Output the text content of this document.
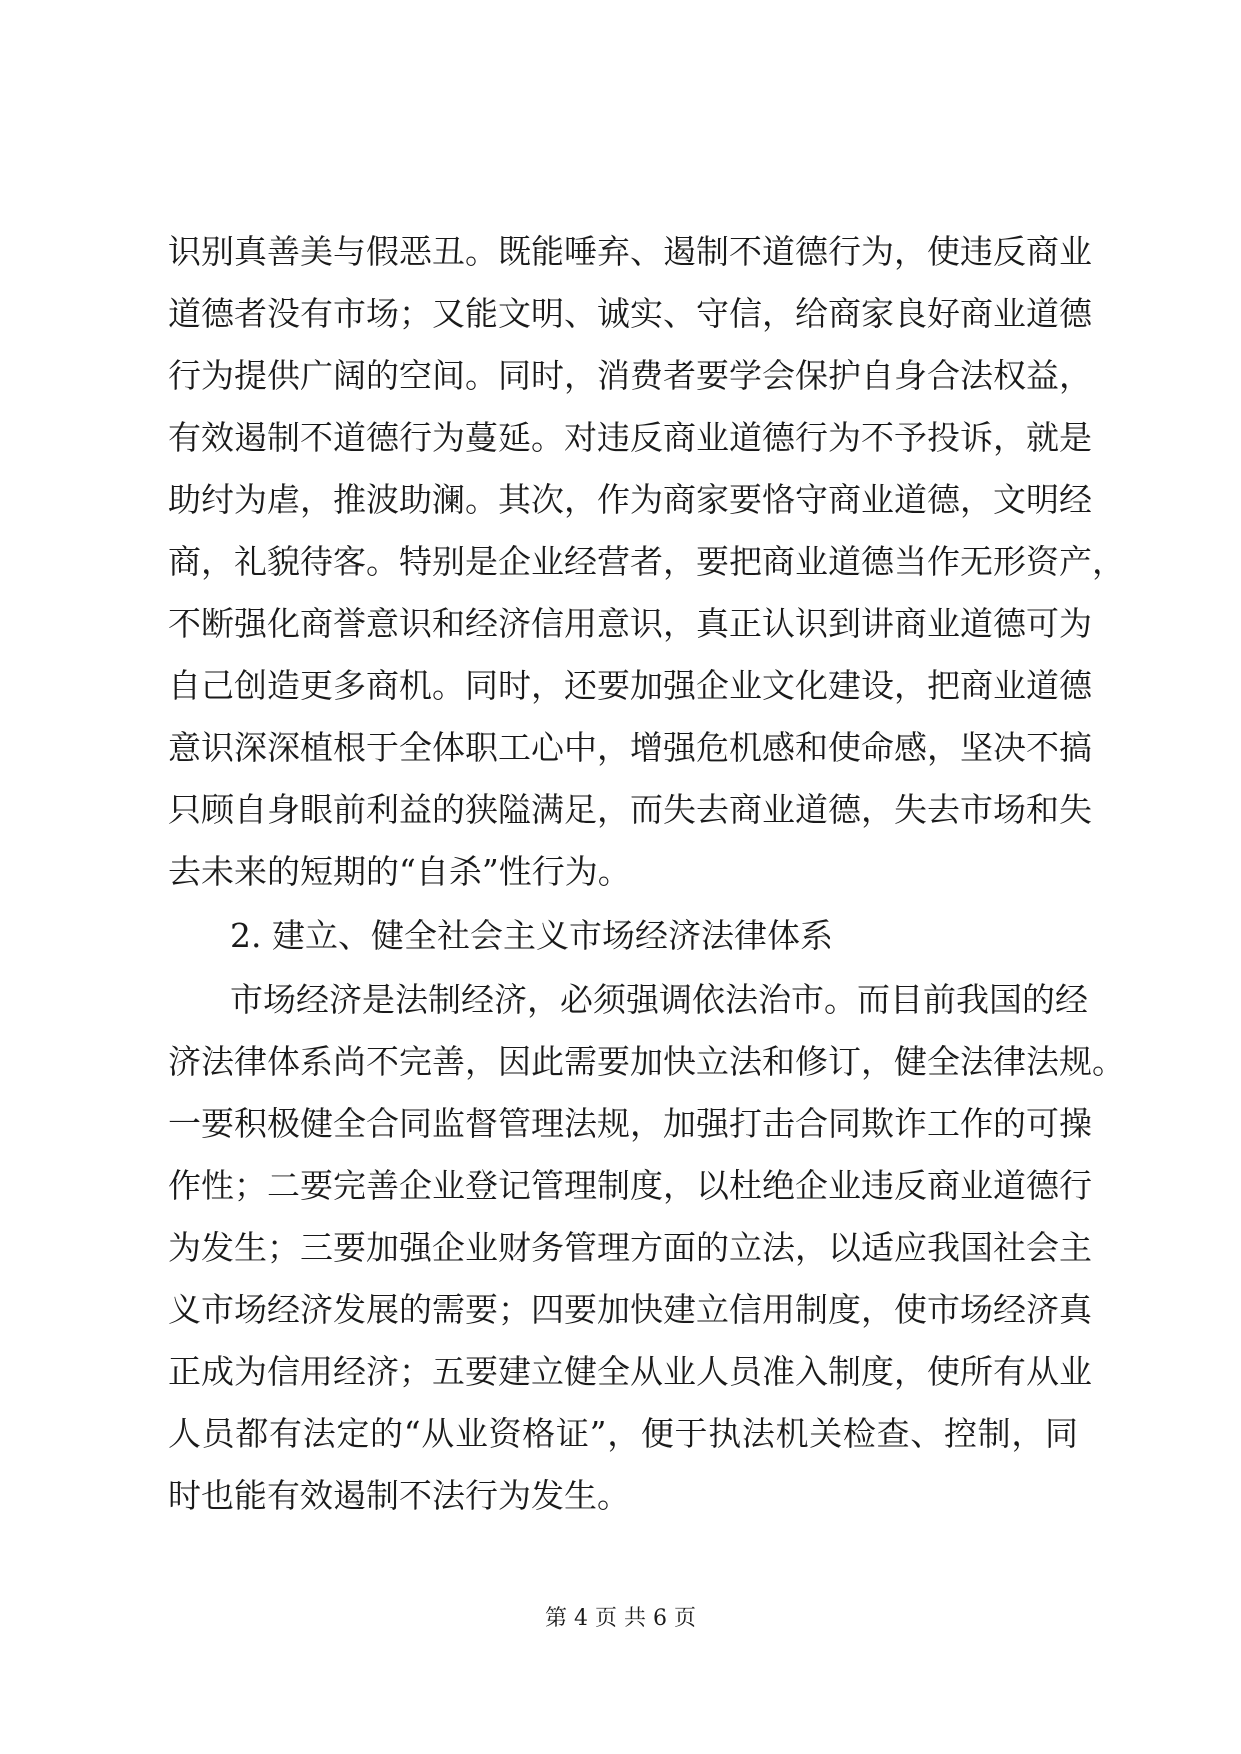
识别真善美与假恶丑。既能唾弃、遏制不道德行为，使违反商业
道德者没有市场；又能文明、诚实、守信，给商家良好商业道德
行为提供广阔的空间。同时，消费者要学会保护自身合法权益，
有效遏制不道德行为蔓延。对违反商业道德行为不予投诉，就是
助纣为虐，推波助澜。其次，作为商家要恪守商业道德，文明经
商，礼貌待客。特别是企业经营者，要把商业道德当作无形资产，
不断强化商誉意识和经济信用意识，真正认识到讲商业道德可为
自己创造更多商机。同时，还要加强企业文化建设，把商业道德
意识深深植根于全体职工心中，增强危机感和使命感，坚决不搞
只顾自身眼前利益的狭隘满足，而失去商业道德，失去市场和失
去未来的短期的“自杀”性行为。
2. 建立、健全社会主义市场经济法律体系
市场经济是法制经济，必须强调依法治市。而目前我国的经
济法律体系尚不完善，因此需要加快立法和修订，健全法律法规。
一要积极健全合同监督管理法规，加强打击合同欺诈工作的可操
作性；二要完善企业登记管理制度，以杜绝企业违反商业道德行
为发生；三要加强企业财务管理方面的立法，以适应我国社会主
义市场经济发展的需要；四要加快建立信用制度，使市场经济真
正成为信用经济；五要建立健全从业人员准入制度，使所有从业
人员都有法定的“从业资格证”，便于执法机关检查、控制，同
时也能有效遏制不法行为发生。
第 4 页 共 6 页
